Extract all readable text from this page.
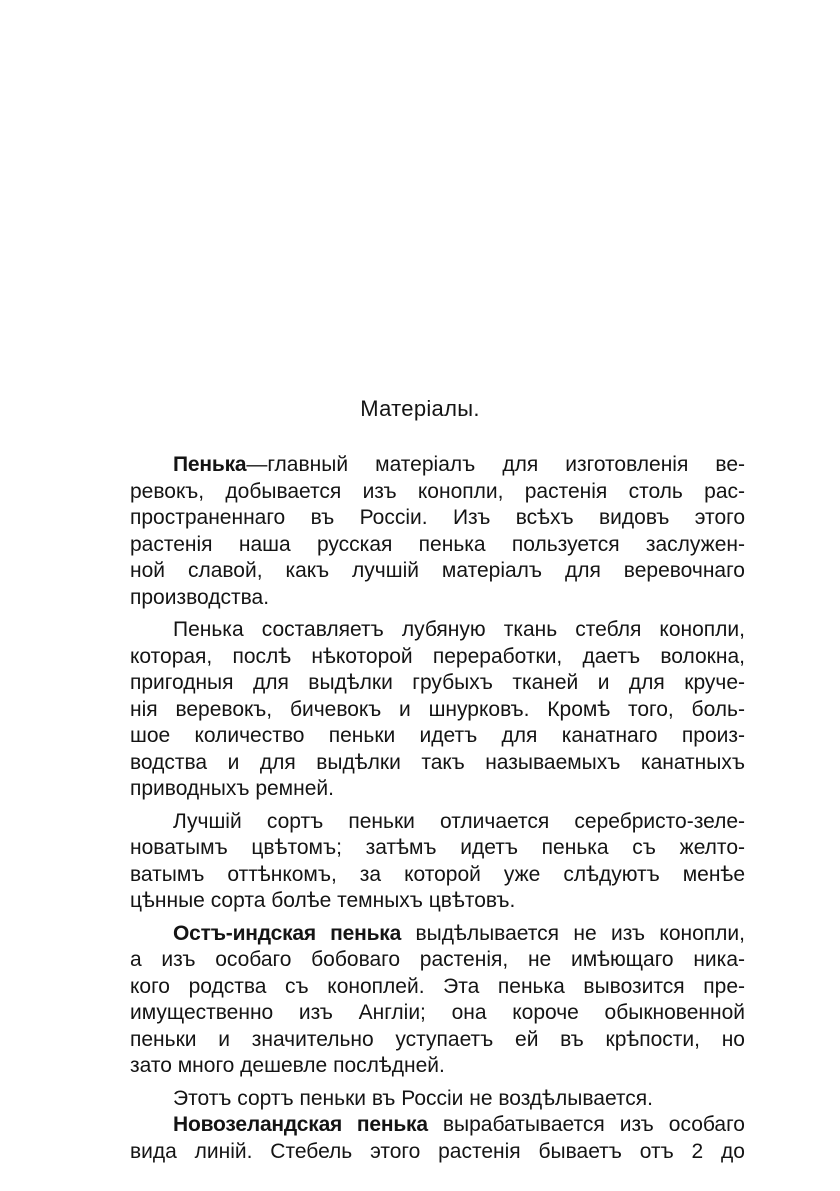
Матеріалы.
Пенька—главный матеріалъ для изготовленія ве-
ревокъ, добывается изъ конопли, растенія столь рас-
пространеннаго въ Россіи. Изъ всѣхъ видовъ этого
растенія наша русская пенька пользуется заслужен-
ной славой, какъ лучшій матеріалъ для веревочнаго
производства.
Пенька составляетъ лубяную ткань стебля конопли,
которая, послѣ нѣкоторой переработки, даетъ волокна,
пригодныя для выдѣлки грубыхъ тканей и для круче-
нія веревокъ, бичевокъ и шнурковъ. Кромѣ того, боль-
шое количество пеньки идетъ для канатнаго произ-
водства и для выдѣлки такъ называемыхъ канатныхъ
приводныхъ ремней.
Лучшій сортъ пеньки отличается серебристо-зеле-
новатымъ цвѣтомъ; затѣмъ идетъ пенька съ желто-
ватымъ оттѣнкомъ, за которой уже слѣдуютъ менѣе
цѣнные сорта болѣе темныхъ цвѣтовъ.
Остъ-индская пенька выдѣлывается не изъ конопли,
а изъ особаго бобоваго растенія, не имѣющаго ника-
кого родства съ коноплей. Эта пенька вывозится пре-
имущественно изъ Англіи; она короче обыкновенной
пеньки и значительно уступаетъ ей въ крѣпости, но
зато много дешевле послѣдней.
Этотъ сортъ пеньки въ Россіи не воздѣлывается.
Новозеландская пенька вырабатывается изъ особаго
вида линій. Стебель этого растенія бываетъ отъ 2 до
